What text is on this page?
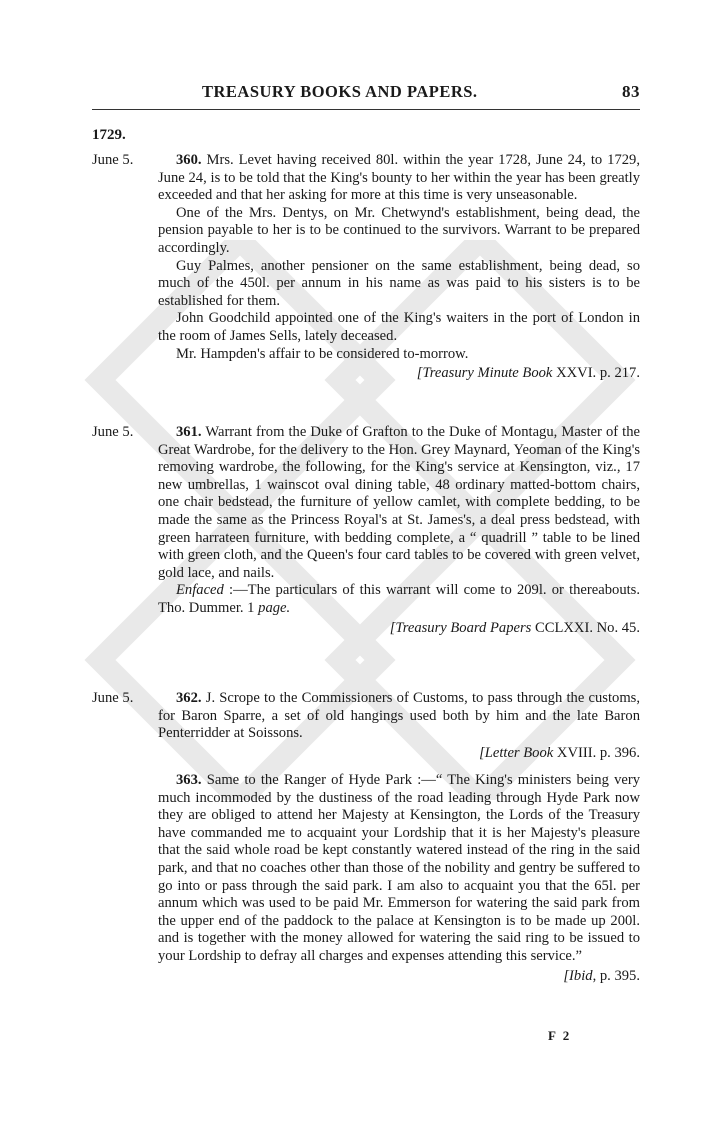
TREASURY BOOKS AND PAPERS.	83
1729.
June 5.	360. Mrs. Levet having received 80l. within the year 1728, June 24, to 1729, June 24, is to be told that the King's bounty to her within the year has been greatly exceeded and that her asking for more at this time is very unseasonable.

One of the Mrs. Dentys, on Mr. Chetwynd's establishment, being dead, the pension payable to her is to be continued to the survivors. Warrant to be prepared accordingly.

Guy Palmes, another pensioner on the same establishment, being dead, so much of the 450l. per annum in his name as was paid to his sisters is to be established for them.

John Goodchild appointed one of the King's waiters in the port of London in the room of James Sells, lately deceased.

Mr. Hampden's affair to be considered to-morrow.

[Treasury Minute Book XXVI. p. 217.
June 5.	361. Warrant from the Duke of Grafton to the Duke of Montagu, Master of the Great Wardrobe, for the delivery to the Hon. Grey Maynard, Yeoman of the King's removing wardrobe, the following, for the King's service at Kensington, viz., 17 new umbrellas, 1 wainscot oval dining table, 48 ordinary matted-bottom chairs, one chair bedstead, the furniture of yellow camlet, with complete bedding, to be made the same as the Princess Royal's at St. James's, a deal press bedstead, with green harrateen furniture, with bedding complete, a “ quadrill ” table to be lined with green cloth, and the Queen's four card tables to be covered with green velvet, gold lace, and nails.

Enfaced :—The particulars of this warrant will come to 209l. or thereabouts. Tho. Dummer. 1 page.

[Treasury Board Papers CCLXXI. No. 45.
June 5.	362. J. Scrope to the Commissioners of Customs, to pass through the customs, for Baron Sparre, a set of old hangings used both by him and the late Baron Penterridder at Soissons.

[Letter Book XVIII. p. 396.

363. Same to the Ranger of Hyde Park :—“ The King's ministers being very much incommoded by the dustiness of the road leading through Hyde Park now they are obliged to attend her Majesty at Kensington, the Lords of the Treasury have commanded me to acquaint your Lordship that it is her Majesty's pleasure that the said whole road be kept constantly watered instead of the ring in the said park, and that no coaches other than those of the nobility and gentry be suffered to go into or pass through the said park. I am also to acquaint you that the 65l. per annum which was used to be paid Mr. Emmerson for watering the said park from the upper end of the paddock to the palace at Kensington is to be made up 200l. and is together with the money allowed for watering the said ring to be issued to your Lordship to defray all charges and expenses attending this service.”

[Ibid, p. 395.
F 2
